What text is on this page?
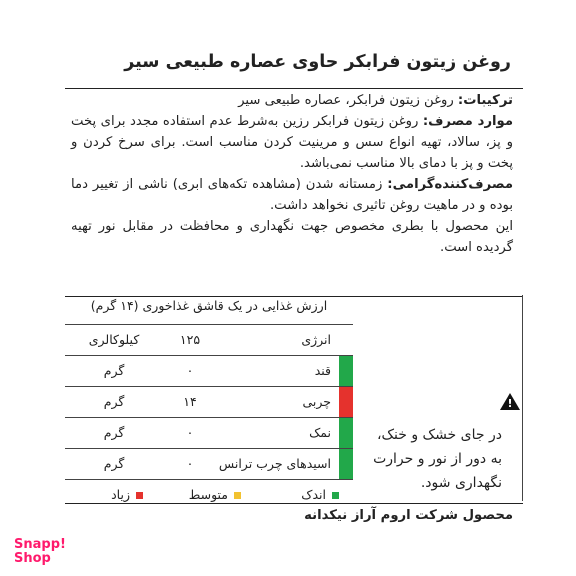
روغن زیتون فرابکر حاوی عصاره طبیعی سیر

ترکیبات: روغن زیتون فرابکر، عصاره طبیعی سیر

موارد مصرف: روغن زیتون فرابکر رزین به‌شرط عدم استفاده مجدد برای پخت و پز، سالاد، تهیه انواع سس و مرینیت کردن مناسب است. برای سرخ کردن و پخت و پز با دمای بالا مناسب نمی‌باشد.

مصرف‌کننده‌گرامی: زمستانه شدن (مشاهده تکه‌های ابری) ناشی از تغییر دما بوده و در ماهیت روغن تاثیری نخواهد داشت.

این محصول با بطری مخصوص جهت نگهداری و محافظت در مقابل نور تهیه گردیده است.

ارزش غذایی در یک قاشق غذاخوری (۱۴ گرم)
انرژی
۱۲۵
کیلوکالری
قند
۰
گرم
چربی
۱۴
گرم
نمک
۰
گرم
اسیدهای چرب ترانس
۰
گرم
اندک
متوسط
زیاد
!
در جای خشک و خنک، به دور از نور و حرارت نگهداری شود.
محصول شرکت اروم آراز نیکدانه
Snapp!
Shop
